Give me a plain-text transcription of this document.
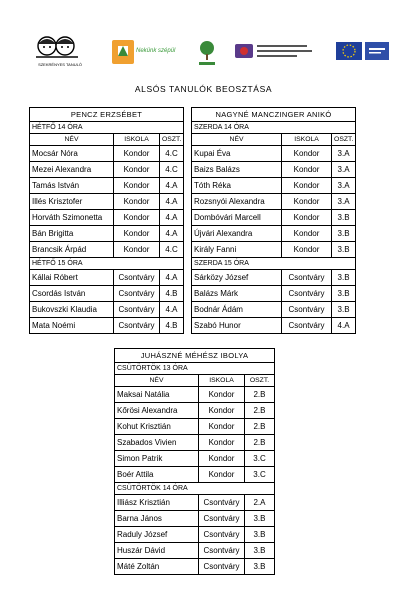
SZEKRÉNYES TANULÓ
Nekünk szépül
ALSÓS TANULÓK BEOSZTÁSA
PENCZ ERZSÉBET				NAGYNÉ MANCZINGER ANIKÓ		
HÉTFŐ 14 ÓRA				SZERDA 14 ÓRA		
NÉV	ISKOLA	OSZT.		NÉV	ISKOLA	OSZT.
Mocsár Nóra	Kondor	4.C		Kupai Éva	Kondor	3.A
Mezei Alexandra	Kondor	4.C		Baizs Balázs	Kondor	3.A
Tamás István	Kondor	4.A		Tóth Réka	Kondor	3.A
Illés Krisztofer	Kondor	4.A		Rozsnyói Alexandra	Kondor	3.A
Horváth Szimonetta	Kondor	4.A		Dombóvári Marcell	Kondor	3.B
Bán Brigitta	Kondor	4.A		Újvári Alexandra	Kondor	3.B
Brancsik Árpád	Kondor	4.C		Király Fanni	Kondor	3.B
HÉTFŐ 15 ÓRA				SZERDA 15 ÓRA		
Kállai Róbert	Csontváry	4.A		Sárközy József	Csontváry	3.B
Csordás István	Csontváry	4.B		Balázs Márk	Csontváry	3.B
Bukovszki Klaudia	Csontváry	4.A		Bodnár Ádám	Csontváry	3.B
Mata Noémi	Csontváry	4.B		Szabó Hunor	Csontváry	4.A
JUHÁSZNÉ MÉHÉSZ IBOLYA		
CSÜTÖRTÖK 13 ÓRA		
NÉV	ISKOLA	OSZT.
Maksai Natália	Kondor	2.B
Kőrösi Alexandra	Kondor	2.B
Kohut Krisztián	Kondor	2.B
Szabados Vivien	Kondor	2.B
Simon Patrik	Kondor	3.C
Boér Attila	Kondor	3.C
CSÜTÖRTÖK 14 ÓRA		
Illiász Krisztián	Csontváry	2.A
Barna János	Csontváry	3.B
Raduly József	Csontváry	3.B
Huszár Dávid	Csontváry	3.B
Máté Zoltán	Csontváry	3.B
